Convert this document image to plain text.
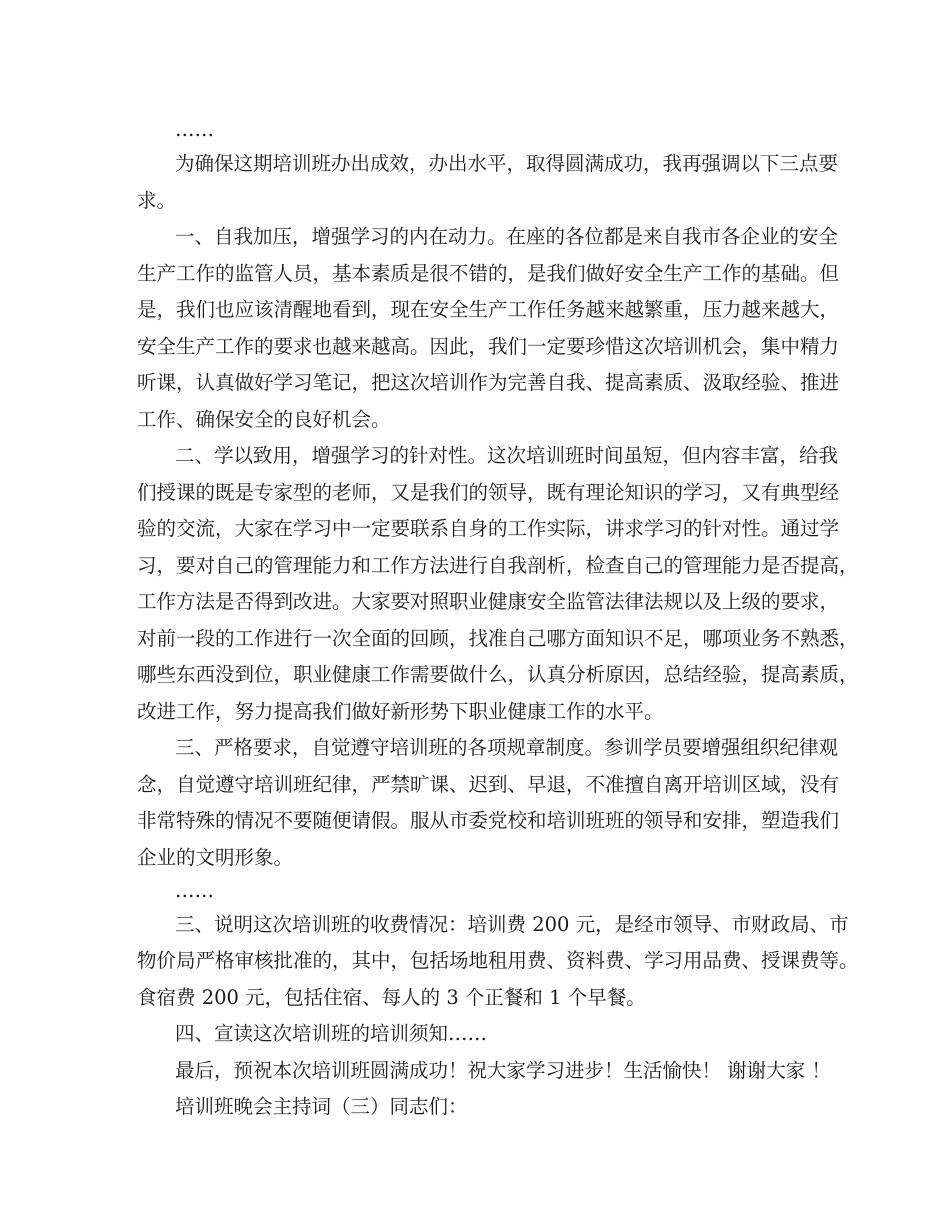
……
为确保这期培训班办出成效，办出水平，取得圆满成功，我再强调以下三点要
求。
一、自我加压，增强学习的内在动力。在座的各位都是来自我市各企业的安全
生产工作的监管人员，基本素质是很不错的，是我们做好安全生产工作的基础。但
是，我们也应该清醒地看到，现在安全生产工作任务越来越繁重，压力越来越大，
安全生产工作的要求也越来越高。因此，我们一定要珍惜这次培训机会，集中精力
听课，认真做好学习笔记，把这次培训作为完善自我、提高素质、汲取经验、推进
工作、确保安全的良好机会。
二、学以致用，增强学习的针对性。这次培训班时间虽短，但内容丰富，给我
们授课的既是专家型的老师，又是我们的领导，既有理论知识的学习，又有典型经
验的交流，大家在学习中一定要联系自身的工作实际，讲求学习的针对性。通过学
习，要对自己的管理能力和工作方法进行自我剖析，检查自己的管理能力是否提高，
工作方法是否得到改进。大家要对照职业健康安全监管法律法规以及上级的要求，
对前一段的工作进行一次全面的回顾，找准自己哪方面知识不足，哪项业务不熟悉，
哪些东西没到位，职业健康工作需要做什么，认真分析原因，总结经验，提高素质，
改进工作，努力提高我们做好新形势下职业健康工作的水平。
三、严格要求，自觉遵守培训班的各项规章制度。参训学员要增强组织纪律观
念，自觉遵守培训班纪律，严禁旷课、迟到、早退，不准擅自离开培训区域，没有
非常特殊的情况不要随便请假。服从市委党校和培训班班的领导和安排，塑造我们
企业的文明形象。
……
三、说明这次培训班的收费情况：培训费 200 元，是经市领导、市财政局、市
物价局严格审核批准的，其中，包括场地租用费、资料费、学习用品费、授课费等。
食宿费 200 元，包括住宿、每人的 3 个正餐和 1 个早餐。
四、宣读这次培训班的培训须知……
最后，预祝本次培训班圆满成功！祝大家学习进步！生活愉快！ 谢谢大家 ！
培训班晚会主持词（三）同志们：
